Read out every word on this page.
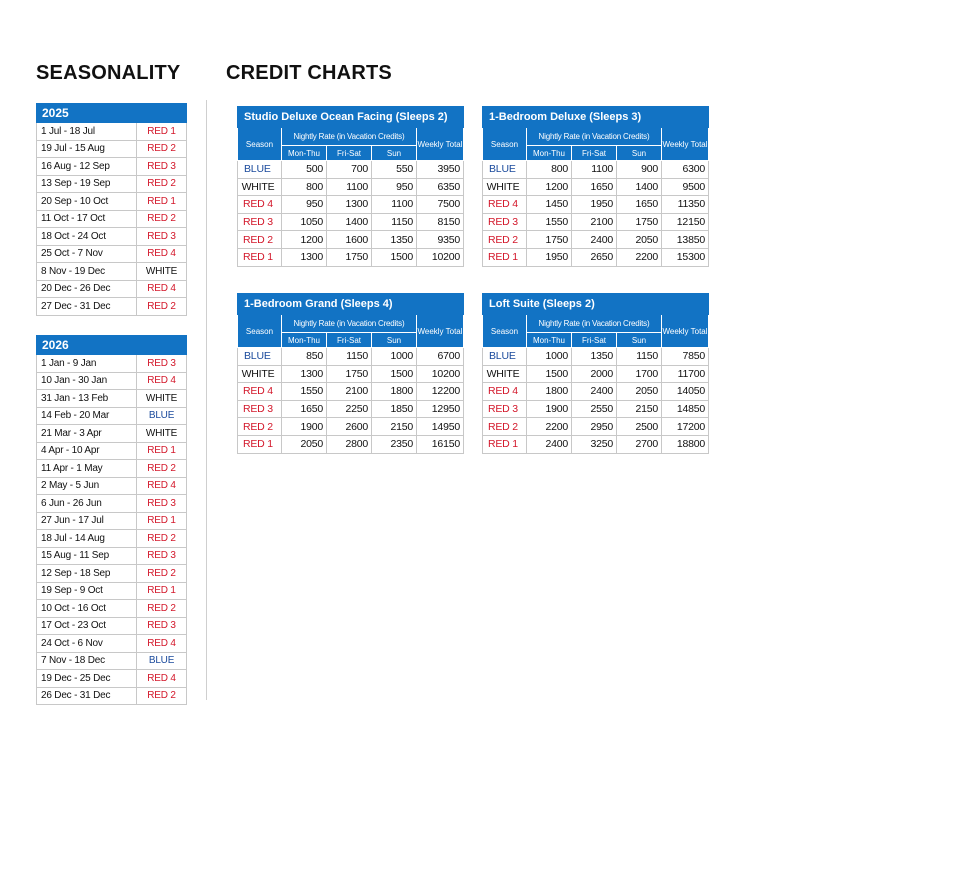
SEASONALITY CREDIT CHARTS
2025	
1 Jul - 18 Jul	RED 1
19 Jul - 15 Aug	RED 2
16 Aug - 12 Sep	RED 3
13 Sep - 19 Sep	RED 2
20 Sep - 10 Oct	RED 1
11 Oct - 17 Oct	RED 2
18 Oct - 24 Oct	RED 3
25 Oct - 7 Nov	RED 4
8 Nov - 19 Dec	WHITE
20 Dec - 26 Dec	RED 4
27 Dec - 31 Dec	RED 2
2026	
1 Jan - 9 Jan	RED 3
10 Jan - 30 Jan	RED 4
31 Jan - 13 Feb	WHITE
14 Feb - 20 Mar	BLUE
21 Mar - 3 Apr	WHITE
4 Apr - 10 Apr	RED 1
11 Apr - 1 May	RED 2
2 May - 5 Jun	RED 4
6 Jun - 26 Jun	RED 3
27 Jun - 17 Jul	RED 1
18 Jul - 14 Aug	RED 2
15 Aug - 11 Sep	RED 3
12 Sep - 18 Sep	RED 2
19 Sep - 9 Oct	RED 1
10 Oct - 16 Oct	RED 2
17 Oct - 23 Oct	RED 3
24 Oct - 6 Nov	RED 4
7 Nov - 18 Dec	BLUE
19 Dec - 25 Dec	RED 4
26 Dec - 31 Dec	RED 2
Studio Deluxe Ocean Facing (Sleeps 2)				
Season	Nightly Rate (in Vacation Credits)			Weekly Total
	Mon-Thu	Fri-Sat	Sun	
BLUE	500	700	550	3950
WHITE	800	1100	950	6350
RED 4	950	1300	1100	7500
RED 3	1050	1400	1150	8150
RED 2	1200	1600	1350	9350
RED 1	1300	1750	1500	10200
1-Bedroom Deluxe (Sleeps 3)				
Season	Nightly Rate (in Vacation Credits)			Weekly Total
	Mon-Thu	Fri-Sat	Sun	
BLUE	800	1100	900	6300
WHITE	1200	1650	1400	9500
RED 4	1450	1950	1650	11350
RED 3	1550	2100	1750	12150
RED 2	1750	2400	2050	13850
RED 1	1950	2650	2200	15300
1-Bedroom Grand (Sleeps 4)				
Season	Nightly Rate (in Vacation Credits)			Weekly Total
	Mon-Thu	Fri-Sat	Sun	
BLUE	850	1150	1000	6700
WHITE	1300	1750	1500	10200
RED 4	1550	2100	1800	12200
RED 3	1650	2250	1850	12950
RED 2	1900	2600	2150	14950
RED 1	2050	2800	2350	16150
Loft Suite (Sleeps 2)				
Season	Nightly Rate (in Vacation Credits)			Weekly Total
	Mon-Thu	Fri-Sat	Sun	
BLUE	1000	1350	1150	7850
WHITE	1500	2000	1700	11700
RED 4	1800	2400	2050	14050
RED 3	1900	2550	2150	14850
RED 2	2200	2950	2500	17200
RED 1	2400	3250	2700	18800
